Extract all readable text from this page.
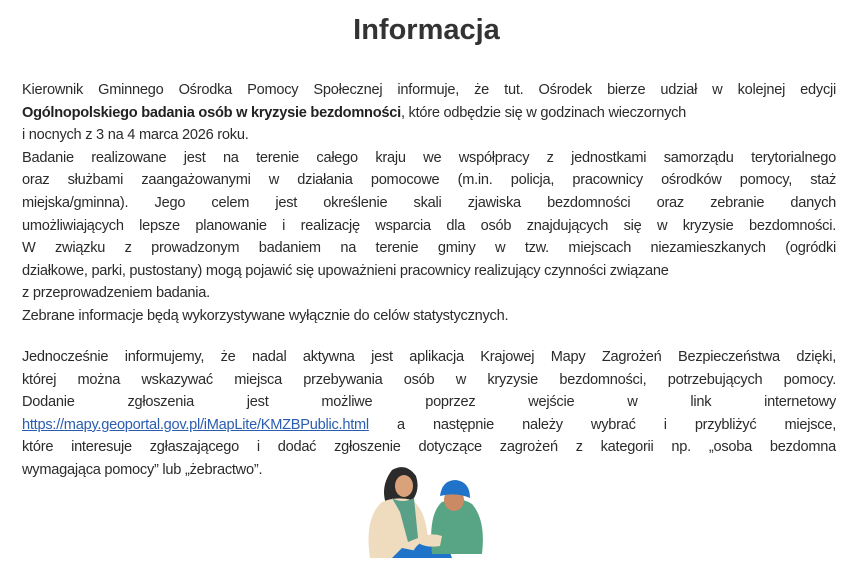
Informacja
Kierownik Gminnego Ośrodka Pomocy Społecznej informuje, że tut. Ośrodek bierze udział w kolejnej edycji
Ogólnopolskiego badania osób w kryzysie bezdomności, które odbędzie się w godzinach wieczornych
i nocnych z 3 na 4 marca 2026 roku.
Badanie realizowane jest na terenie całego kraju we współpracy z jednostkami samorządu terytorialnego
oraz służbami zaangażowanymi w działania pomocowe (m.in. policja, pracownicy ośrodków pomocy, staż
miejska/gminna). Jego celem jest określenie skali zjawiska bezdomności oraz zebranie danych
umożliwiających lepsze planowanie i realizację wsparcia dla osób znajdujących się w kryzysie bezdomności.
W związku z prowadzonym badaniem na terenie gminy w tzw. miejscach niezamieszkanych (ogródki
działkowe, parki, pustostany) mogą pojawić się upoważnieni pracownicy realizujący czynności związane
z przeprowadzeniem badania.
Zebrane informacje będą wykorzystywane wyłącznie do celów statystycznych.
Jednocześnie informujemy, że nadal aktywna jest aplikacja Krajowej Mapy Zagrożeń Bezpieczeństwa dzięki,
której można wskazywać miejsca przebywania osób w kryzysie bezdomności, potrzebujących pomocy.
Dodanie zgłoszenia jest możliwe poprzez wejście w link internetowy
https://mapy.geoportal.gov.pl/iMapLite/KMZBPublic.html a następnie należy wybrać i przybliżyć miejsce,
które interesuje zgłaszającego i dodać zgłoszenie dotyczące zagrożeń z kategorii np. „osoba bezdomna
wymagająca pomocy” lub „żebractwo”.
